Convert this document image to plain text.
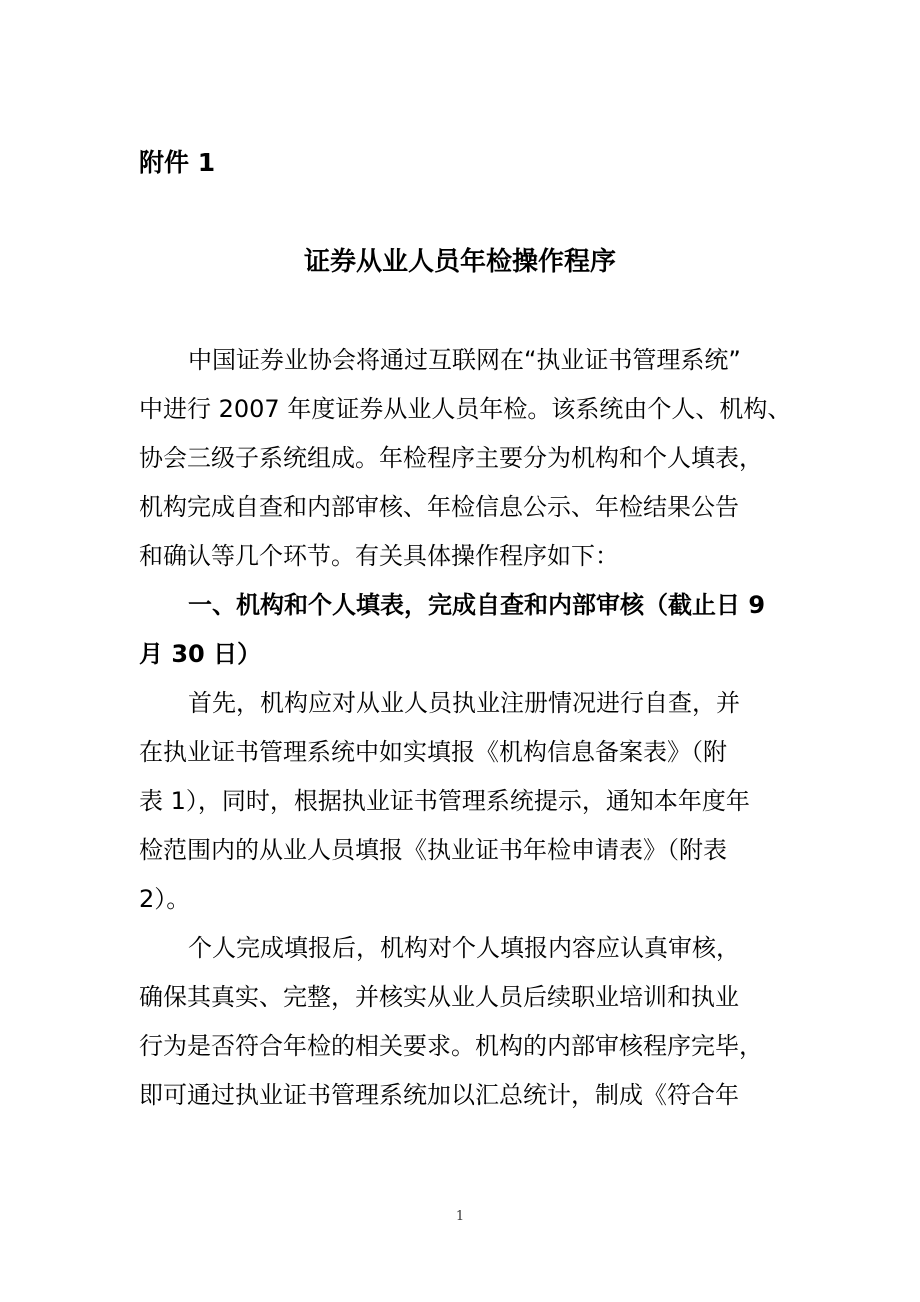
附件 1
证券从业人员年检操作程序
中国证券业协会将通过互联网在“执业证书管理系统”
中进行 2007 年度证券从业人员年检。该系统由个人、机构、
协会三级子系统组成。年检程序主要分为机构和个人填表，
机构完成自查和内部审核、年检信息公示、年检结果公告
和确认等几个环节。有关具体操作程序如下：
一、机构和个人填表，完成自查和内部审核（截止日 9
月 30 日）
首先，机构应对从业人员执业注册情况进行自查，并
在执业证书管理系统中如实填报《机构信息备案表》（附
表 1），同时，根据执业证书管理系统提示，通知本年度年
检范围内的从业人员填报《执业证书年检申请表》（附表
2）。
个人完成填报后，机构对个人填报内容应认真审核，
确保其真实、完整，并核实从业人员后续职业培训和执业
行为是否符合年检的相关要求。机构的内部审核程序完毕，
即可通过执业证书管理系统加以汇总统计，制成《符合年
1
